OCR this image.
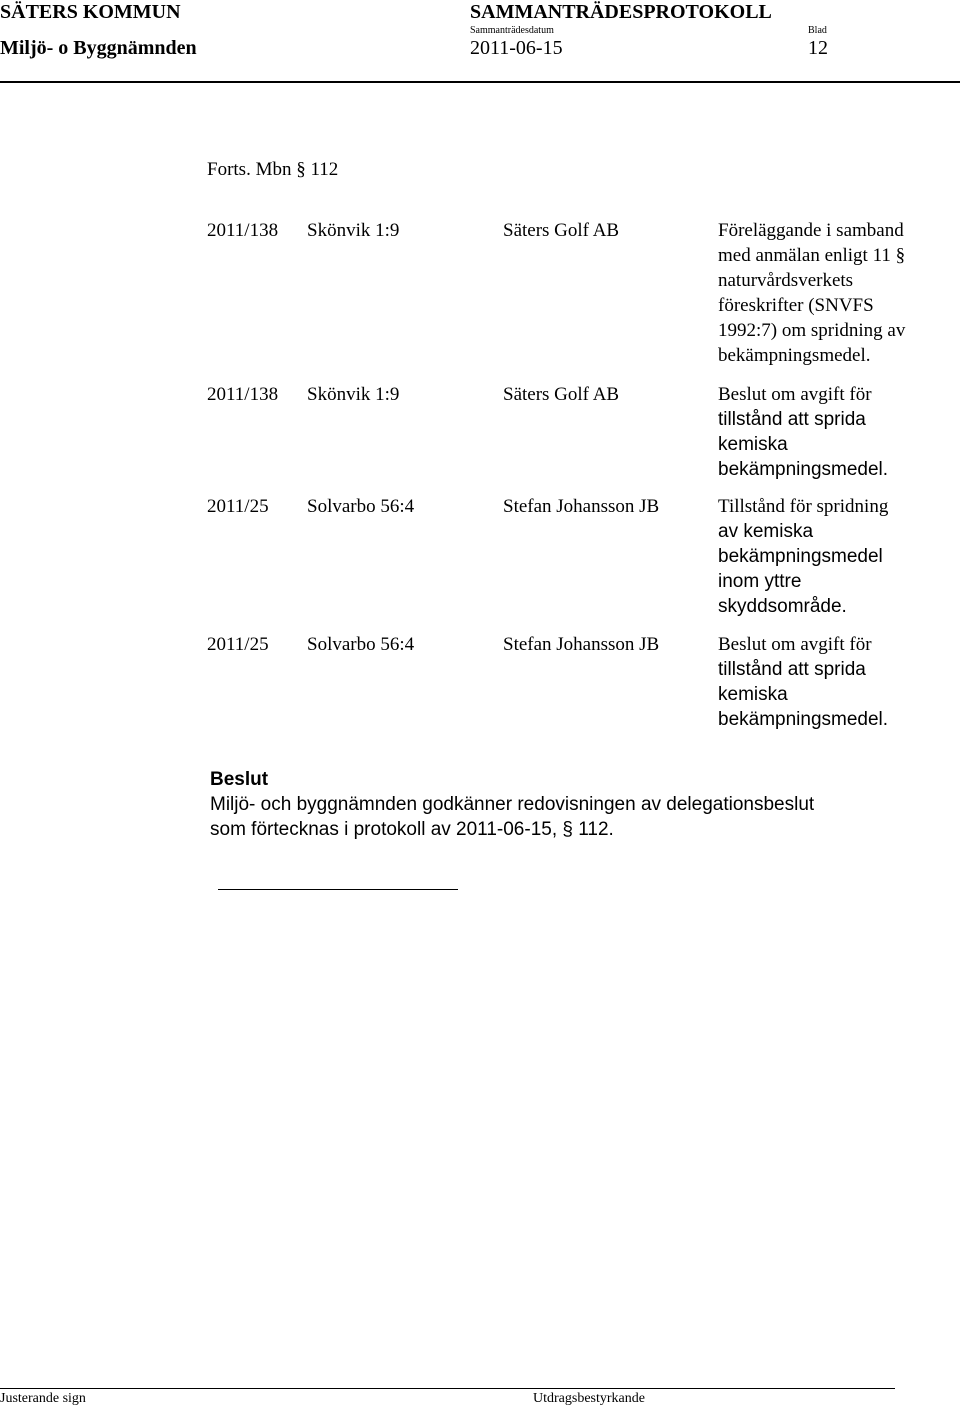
SÄTERS KOMMUN
Miljö- o Byggnämnden
SAMMANTRÄDESPROTOKOLL
Sammanträdesdatum
2011-06-15
Blad
12
Forts. Mbn § 112
2011/138 Skönvik 1:9	Säters Golf AB	Föreläggande i samband
med anmälan enligt 11 §
naturvårdsverkets
föreskrifter (SNVFS
1992:7) om spridning av
bekämpningsmedel.
2011/138 Skönvik 1:9	Säters Golf AB	Beslut om avgift för
tillstånd att sprida
kemiska
bekämpningsmedel.
2011/25 Solvarbo 56:4	Stefan Johansson JB	Tillstånd för spridning
av kemiska
bekämpningsmedel
inom yttre
skyddsområde.
2011/25 Solvarbo 56:4	Stefan Johansson JB	Beslut om avgift för
tillstånd att sprida
kemiska
bekämpningsmedel.
Beslut
Miljö- och byggnämnden godkänner redovisningen av delegationsbeslut
som förtecknas i protokoll av 2011-06-15, § 112.
Justerande sign	Utdragsbestyrkande
